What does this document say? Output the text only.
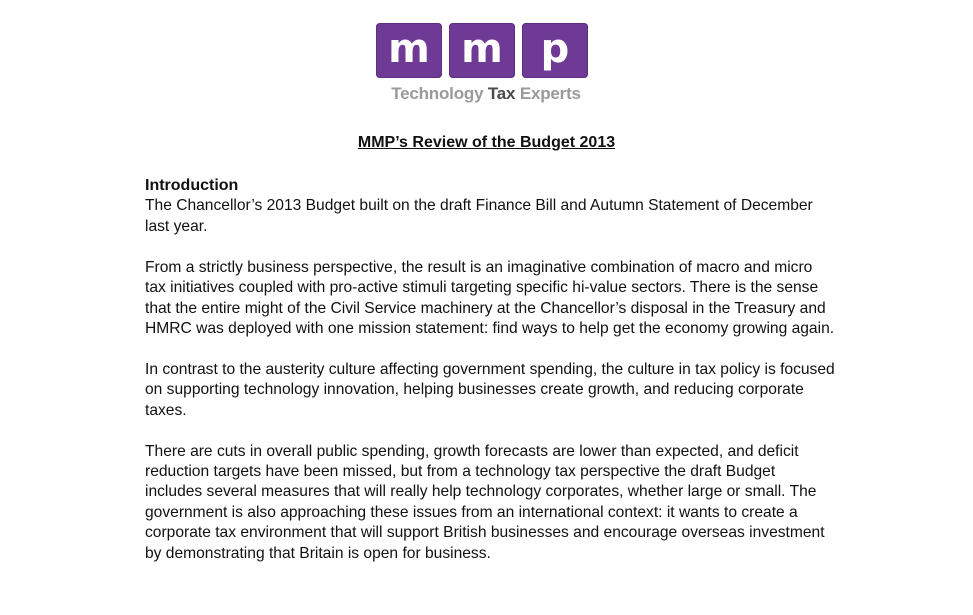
m m p
Technology Tax Experts
MMP’s Review of the Budget 2013
Introduction

The Chancellor’s 2013 Budget built on the draft Finance Bill and Autumn Statement of December last year.

From a strictly business perspective, the result is an imaginative combination of macro and micro tax initiatives coupled with pro-active stimuli targeting specific hi-value sectors. There is the sense that the entire might of the Civil Service machinery at the Chancellor’s disposal in the Treasury and HMRC was deployed with one mission statement: find ways to help get the economy growing again.

In contrast to the austerity culture affecting government spending, the culture in tax policy is focused on supporting technology innovation, helping businesses create growth, and reducing corporate taxes.

There are cuts in overall public spending, growth forecasts are lower than expected, and deficit reduction targets have been missed, but from a technology tax perspective the draft Budget includes several measures that will really help technology corporates, whether large or small. The government is also approaching these issues from an international context: it wants to create a corporate tax environment that will support British businesses and encourage overseas investment by demonstrating that Britain is open for business.
